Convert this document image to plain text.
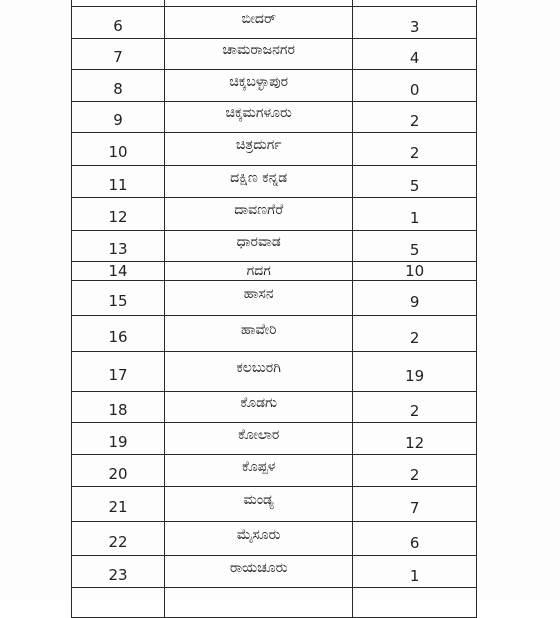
6	ಬೀದರ್	3
7	ಚಾಮರಾಜನಗರ	4
8	ಚಿಕ್ಕಬಳ್ಳಾಪುರ	0
9	ಚಿಕ್ಕಮಗಳೂರು	2
10	ಚಿತ್ರದುರ್ಗ	2
11	ದಕ್ಷಿಣ ಕನ್ನಡ	5
12	ದಾವಣಗೆರೆ	1
13	ಧಾರವಾಡ	5
14	ಗದಗ	10
15	ಹಾಸನ	9
16	ಹಾವೇರಿ	2
17	ಕಲಬುರಗಿ	19
18	ಕೊಡಗು	2
19	ಕೋಲಾರ	12
20	ಕೊಪ್ಪಳ	2
21	ಮಂಡ್ಯ	7
22	ಮೈಸೂರು	6
23	ರಾಯಚೂರು	1
